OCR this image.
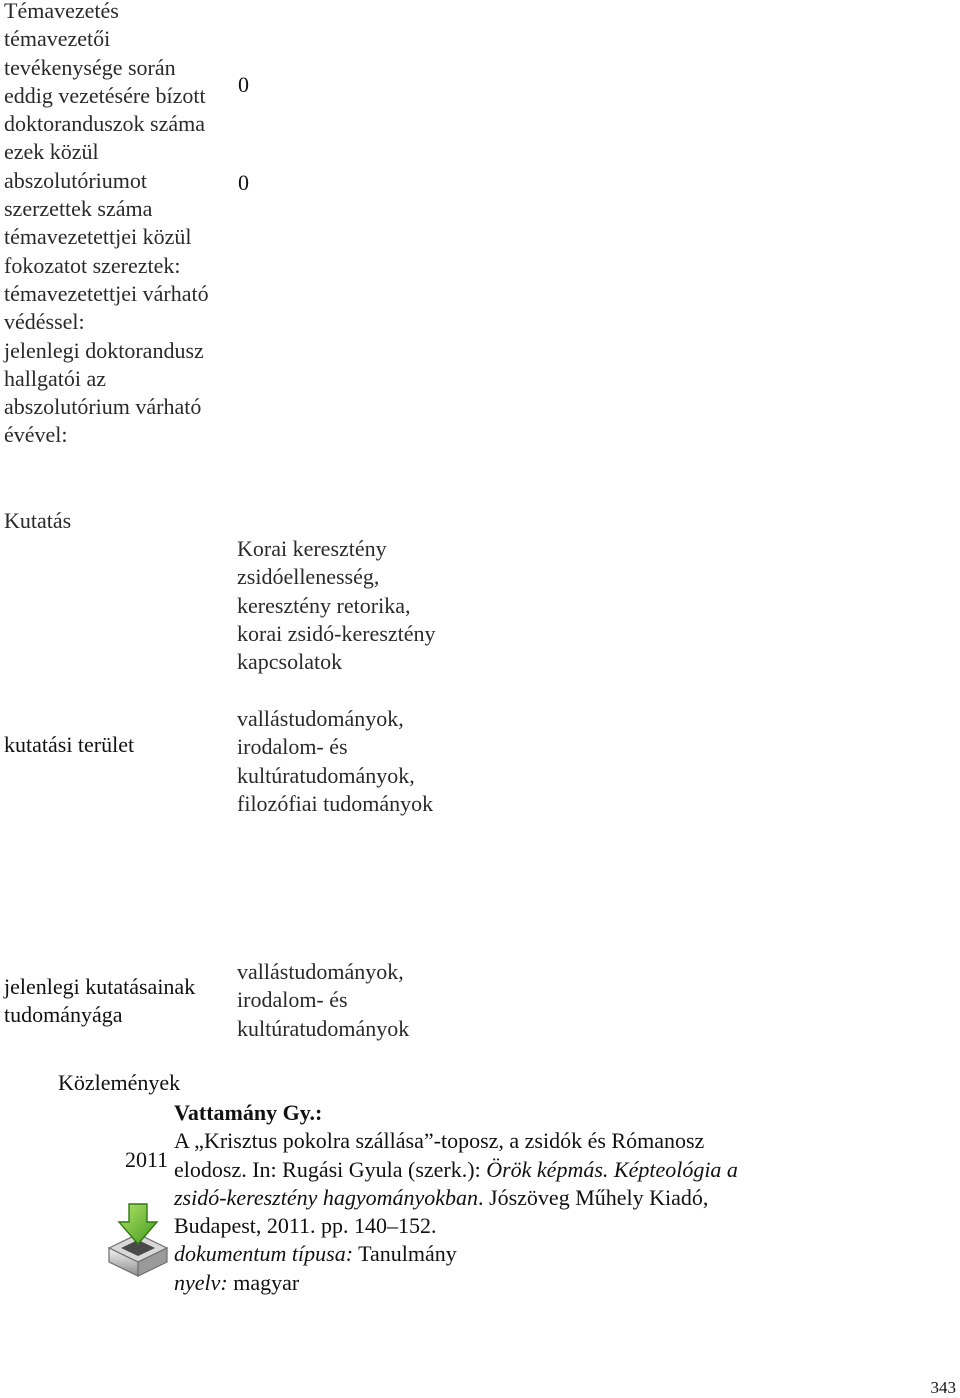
Témavezetés
témavezetői
tevékenysége során
eddig vezetésére bízott
doktoranduszok száma
ezek közül
abszolutóriumot
szerzettek száma
témavezetettjei közül
fokozatot szereztek:
témavezetettjei várható
védéssel:
jelenlegi doktorandusz
hallgatói az
abszolutórium várható
évével:
0
0
Kutatás
Korai keresztény
zsidóellenesség,
keresztény retorika,
korai zsidó-keresztény
kapcsolatok
kutatási terület
vallástudományok,
irodalom- és
kultúratudományok,
filozófiai tudományok
jelenlegi kutatásainak
tudományága
vallástudományok,
irodalom- és
kultúratudományok
Közlemények
2011
Vattamány Gy.:
A „Krisztus pokolra szállása”-toposz, a zsidók és Rómanosz
elodosz. In: Rugási Gyula (szerk.): Örök képmás. Képteológia a
zsidó-keresztény hagyományokban. Jószöveg Műhely Kiadó,
Budapest, 2011. pp. 140–152.
dokumentum típusa: Tanulmány
nyelv: magyar
343
